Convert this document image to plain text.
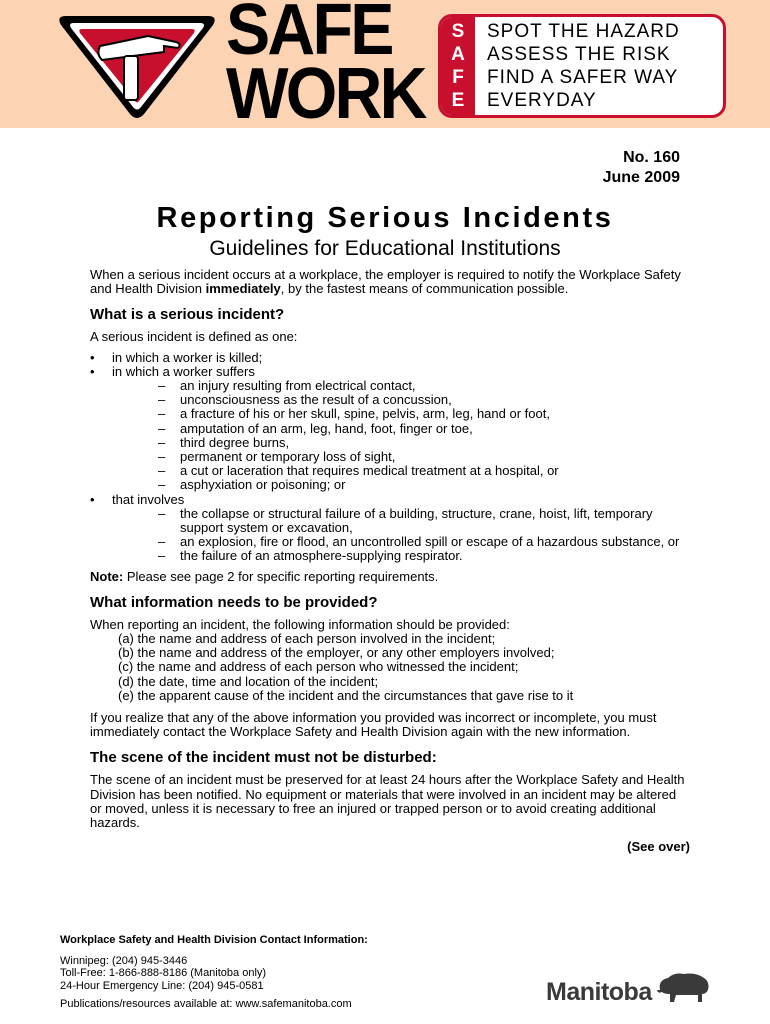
SAFE
WORK
S
A
F
E
SPOT THE HAZARD
ASSESS THE RISK
FIND A SAFER WAY
EVERYDAY
No. 160
June 2009
Reporting Serious Incidents
Guidelines for Educational Institutions

When a serious incident occurs at a workplace, the employer is required to notify the Workplace Safety and Health Division immediately, by the fastest means of communication possible.

What is a serious incident?

A serious incident is defined as one:

• in which a worker is killed;
• in which a worker suffers
– an injury resulting from electrical contact,
– unconsciousness as the result of a concussion,
– a fracture of his or her skull, spine, pelvis, arm, leg, hand or foot,
– amputation of an arm, leg, hand, foot, finger or toe,
– third degree burns,
– permanent or temporary loss of sight,
– a cut or laceration that requires medical treatment at a hospital, or
– asphyxiation or poisoning; or
• that involves
– the collapse or structural failure of a building, structure, crane, hoist, lift, temporary support system or excavation,
– an explosion, fire or flood, an uncontrolled spill or escape of a hazardous substance, or
– the failure of an atmosphere-supplying respirator.

Note: Please see page 2 for specific reporting requirements.

What information needs to be provided?

When reporting an incident, the following information should be provided:

(a) the name and address of each person involved in the incident;
(b) the name and address of the employer, or any other employers involved;
(c) the name and address of each person who witnessed the incident;
(d) the date, time and location of the incident;
(e) the apparent cause of the incident and the circumstances that gave rise to it

If you realize that any of the above information you provided was incorrect or incomplete, you must immediately contact the Workplace Safety and Health Division again with the new information.

The scene of the incident must not be disturbed:

The scene of an incident must be preserved for at least 24 hours after the Workplace Safety and Health Division has been notified. No equipment or materials that were involved in an incident may be altered or moved, unless it is necessary to free an injured or trapped person or to avoid creating additional hazards.

(See over)

Workplace Safety and Health Division Contact Information:
Winnipeg: (204) 945-3446
Toll-Free: 1-866-888-8186 (Manitoba only)
24-Hour Emergency Line: (204) 945-0581
Publications/resources available at: www.safemanitoba.com	Manitoba
